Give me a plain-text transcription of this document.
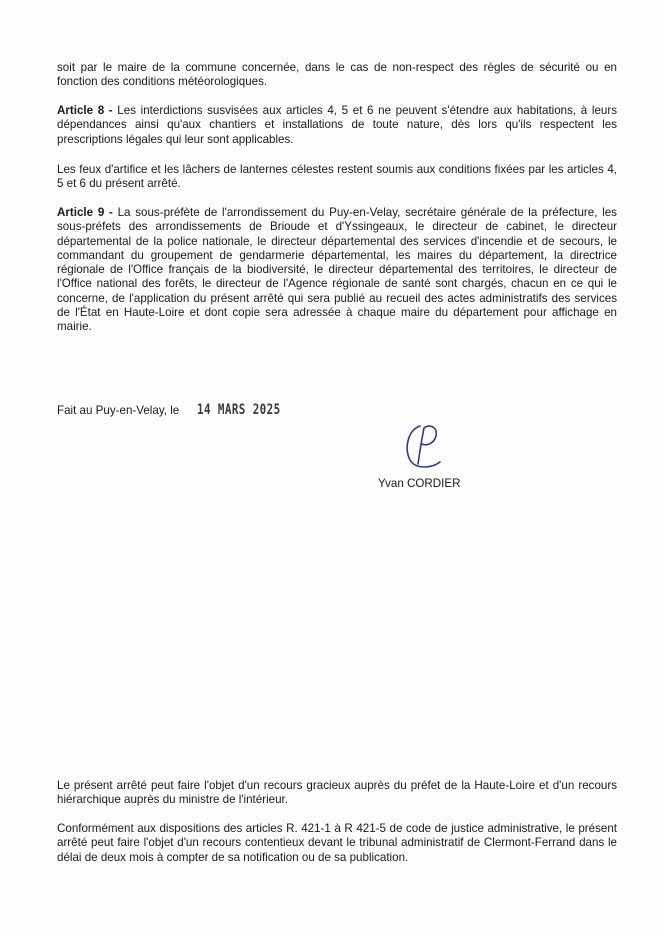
soit par le maire de la commune concernée, dans le cas de non-respect des règles de sécurité ou en fonction des conditions météorologiques.

Article 8 - Les interdictions susvisées aux articles 4, 5 et 6 ne peuvent s'étendre aux habitations, à leurs dépendances ainsi qu'aux chantiers et installations de toute nature, dès lors qu'ils respectent les prescriptions légales qui leur sont applicables.

Les feux d'artifice et les lâchers de lanternes célestes restent soumis aux conditions fixées par les articles 4, 5 et 6 du présent arrêté.

Article 9 - La sous-préfète de l'arrondissement du Puy-en-Velay, secrétaire générale de la préfecture, les sous-préfets des arrondissements de Brioude et d'Yssingeaux, le directeur de cabinet, le directeur départemental de la police nationale, le directeur départemental des services d'incendie et de secours, le commandant du groupement de gendarmerie départemental, les maires du département, la directrice régionale de l'Office français de la biodiversité, le directeur départemental des territoires, le directeur de l'Office national des forêts, le directeur de l'Agence régionale de santé sont chargés, chacun en ce qui le concerne, de l'application du présent arrêté qui sera publié au recueil des actes administratifs des services de l'État en Haute-Loire et dont copie sera adressée à chaque maire du département pour affichage en mairie.

Fait au Puy-en-Velay, le 14 MARS 2025
Yvan CORDIER

Le présent arrêté peut faire l'objet d'un recours gracieux auprès du préfet de la Haute-Loire et d'un recours hiérarchique auprès du ministre de l'intérieur.

Conformément aux dispositions des articles R. 421-1 à R 421-5 de code de justice administrative, le présent arrêté peut faire l'objet d'un recours contentieux devant le tribunal administratif de Clermont-Ferrand dans le délai de deux mois à compter de sa notification ou de sa publication.
